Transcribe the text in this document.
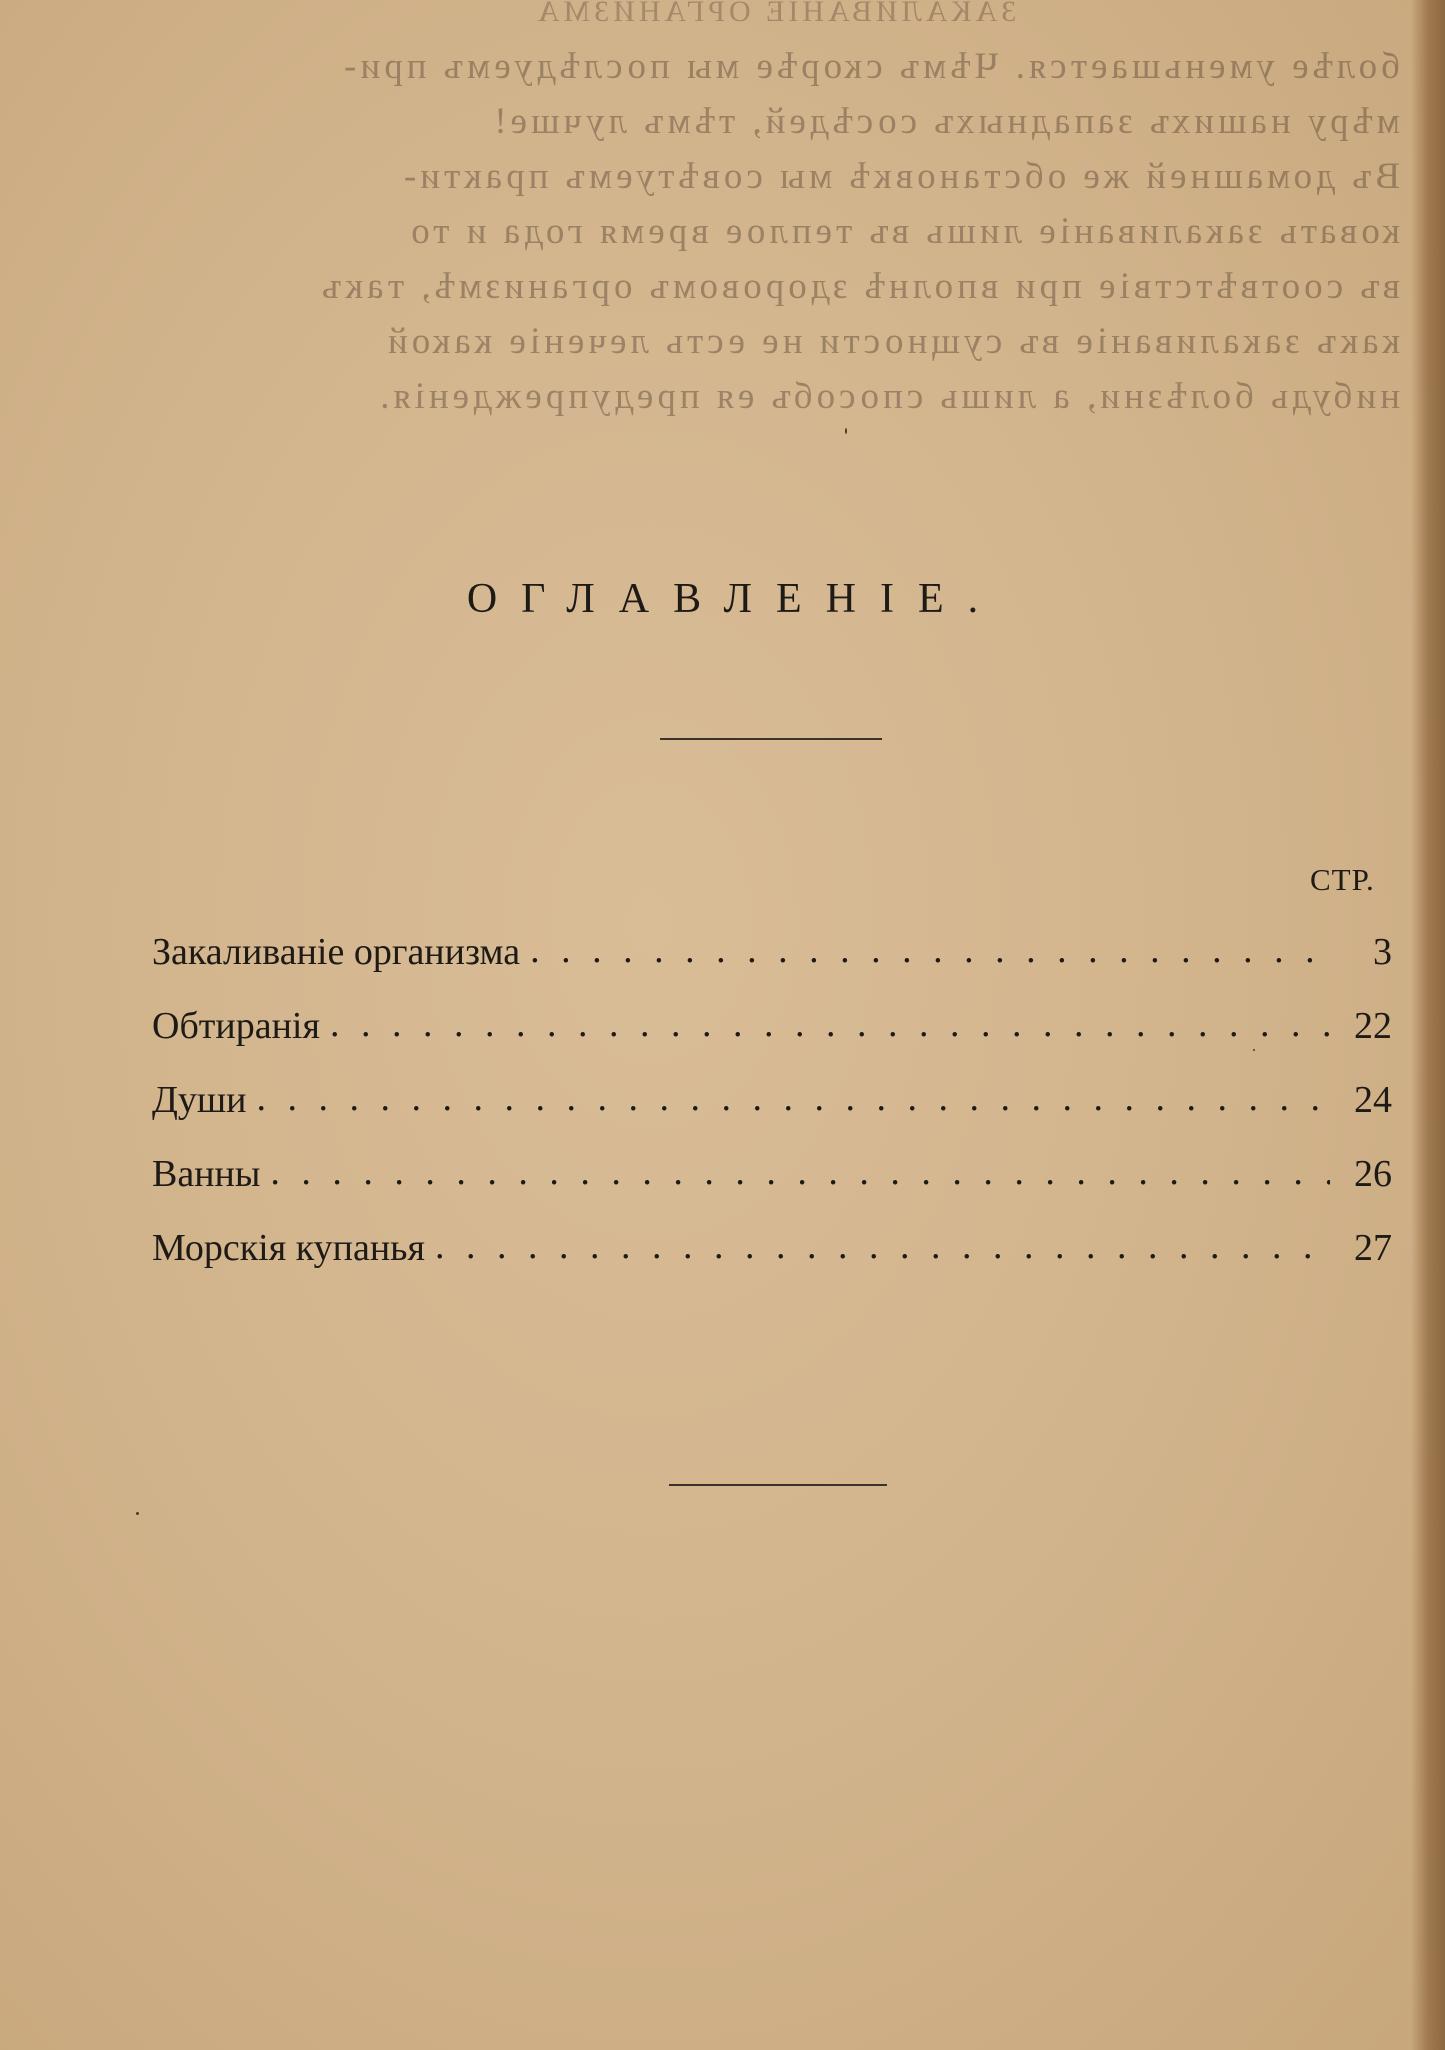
ЗАКАЛИВАНІЕ ОРГАНИЗМА
болѣе уменьшается. Чѣмъ скорѣе мы послѣдуемъ при-
мѣру нашихъ западныхъ сосѣдей, тѣмъ лучше!
Въ домашней же обстановкѣ мы совѣтуемъ практи-
ковать закаливаніе лишь въ теплое время года и то
въ соотвѣтствіе при вполнѣ здоровомъ организмѣ, такъ
какъ закаливаніе въ сущности не есть леченіе какой
нибудь болѣзни, а лишь способъ ея предупрежденія.
ОГЛАВЛЕНІЕ.
СТР.
Закаливаніе организма . . .	3
Обтиранія . . .	22
Души . . .	24
Ванны . . .	26
Морскія купанья . . .	27
